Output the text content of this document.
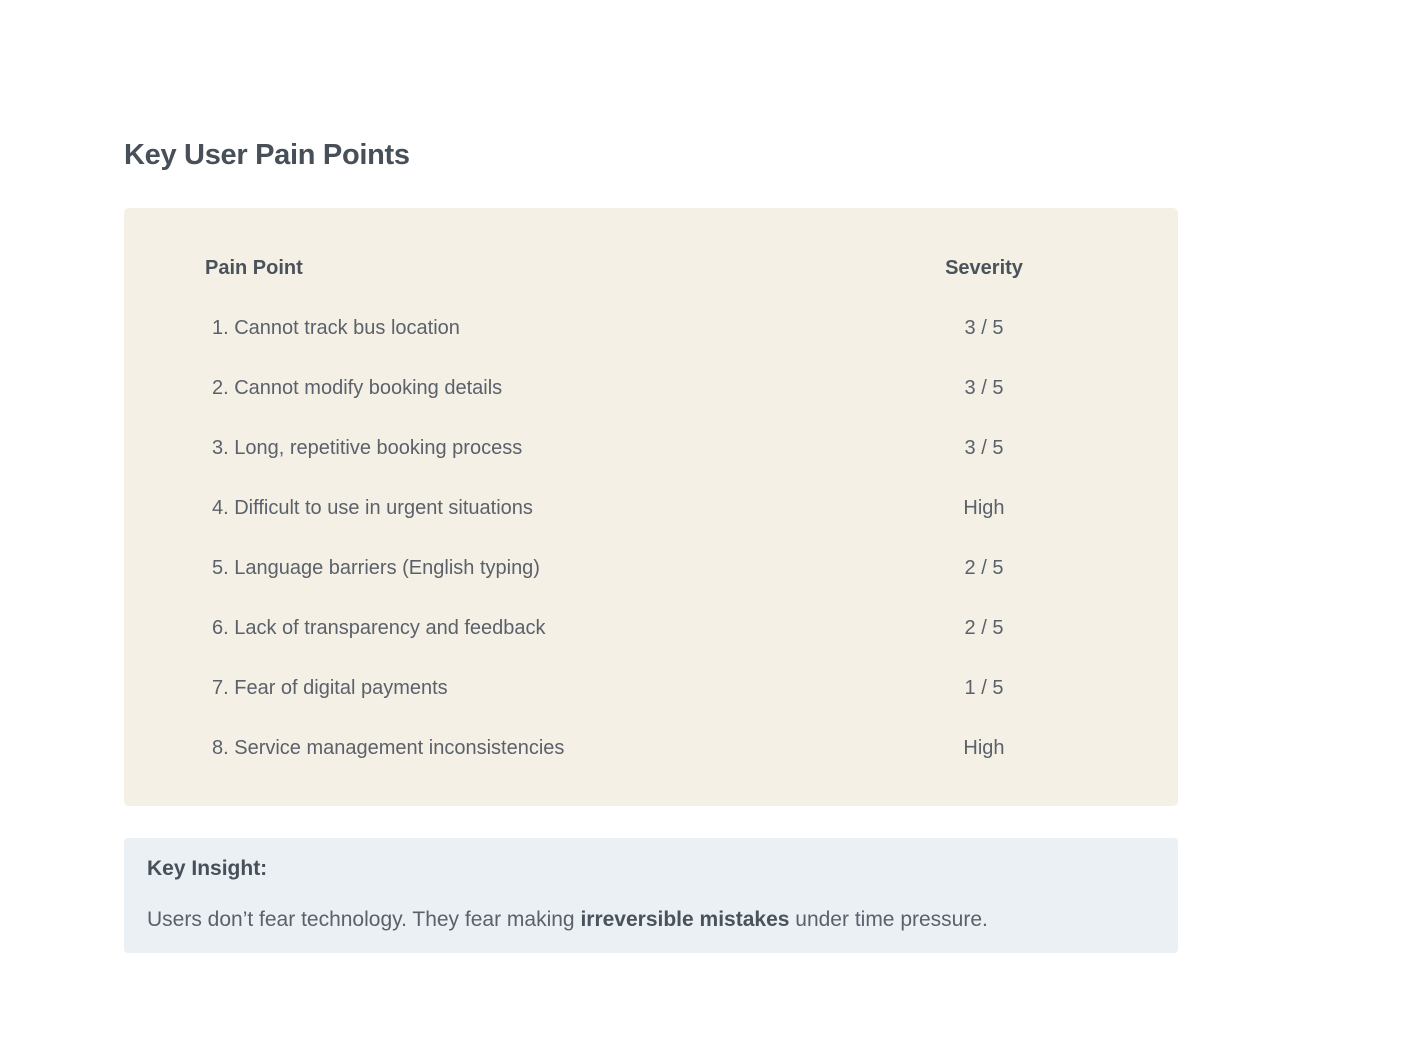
Key User Pain Points
Pain Point	Severity
1. Cannot track bus location	3 / 5
2. Cannot modify booking details	3 / 5
3. Long, repetitive booking process	3 / 5
4. Difficult to use in urgent situations	High
5. Language barriers (English typing)	2 / 5
6. Lack of transparency and feedback	2 / 5
7. Fear of digital payments	1 / 5
8. Service management inconsistencies	High
Key Insight:
Users don’t fear technology. They fear making irreversible mistakes under time pressure.
